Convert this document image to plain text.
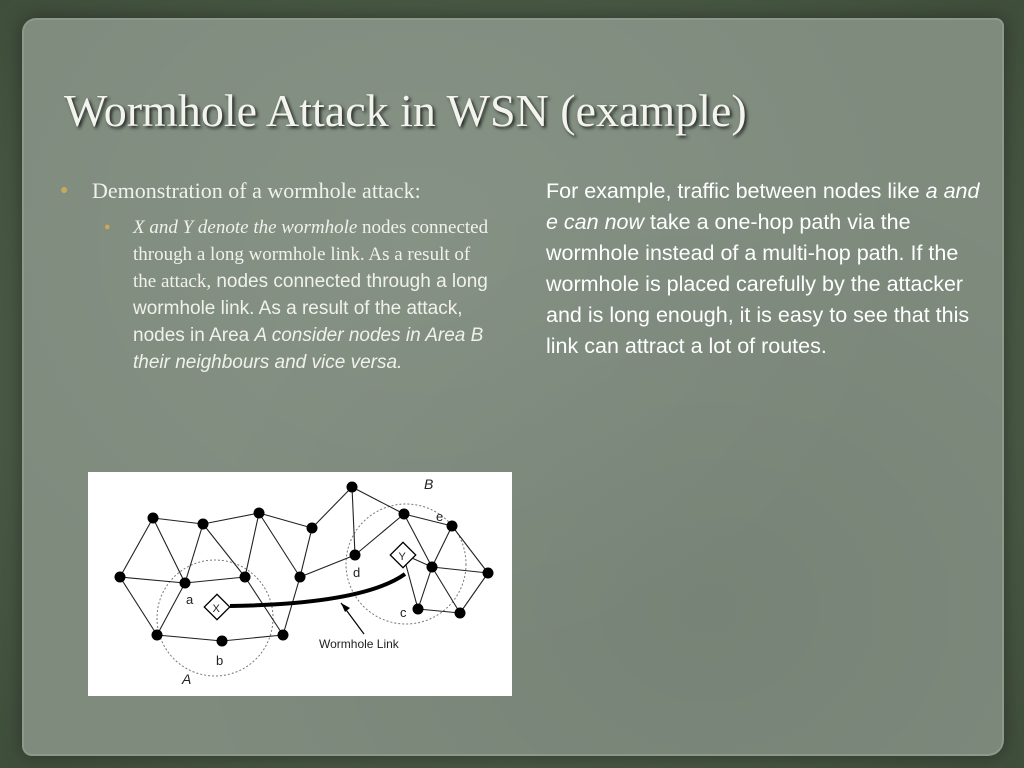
Wormhole Attack in WSN (example)
● Demonstration of a wormhole attack:
● X and Y denote the wormhole nodes connected through a long wormhole link. As a result of the attack, nodes connected through a long wormhole link. As a result of the attack, nodes in Area A consider nodes in Area B their neighbours and vice versa.
For example, traffic between nodes like a and e can now take a one-hop path via the wormhole instead of a multi-hop path. If the wormhole is placed carefully by the attacker and is long enough, it is easy to see that this link can attract a lot of routes.
X
Y
a
b
c
d
e
A
B
Wormhole Link
